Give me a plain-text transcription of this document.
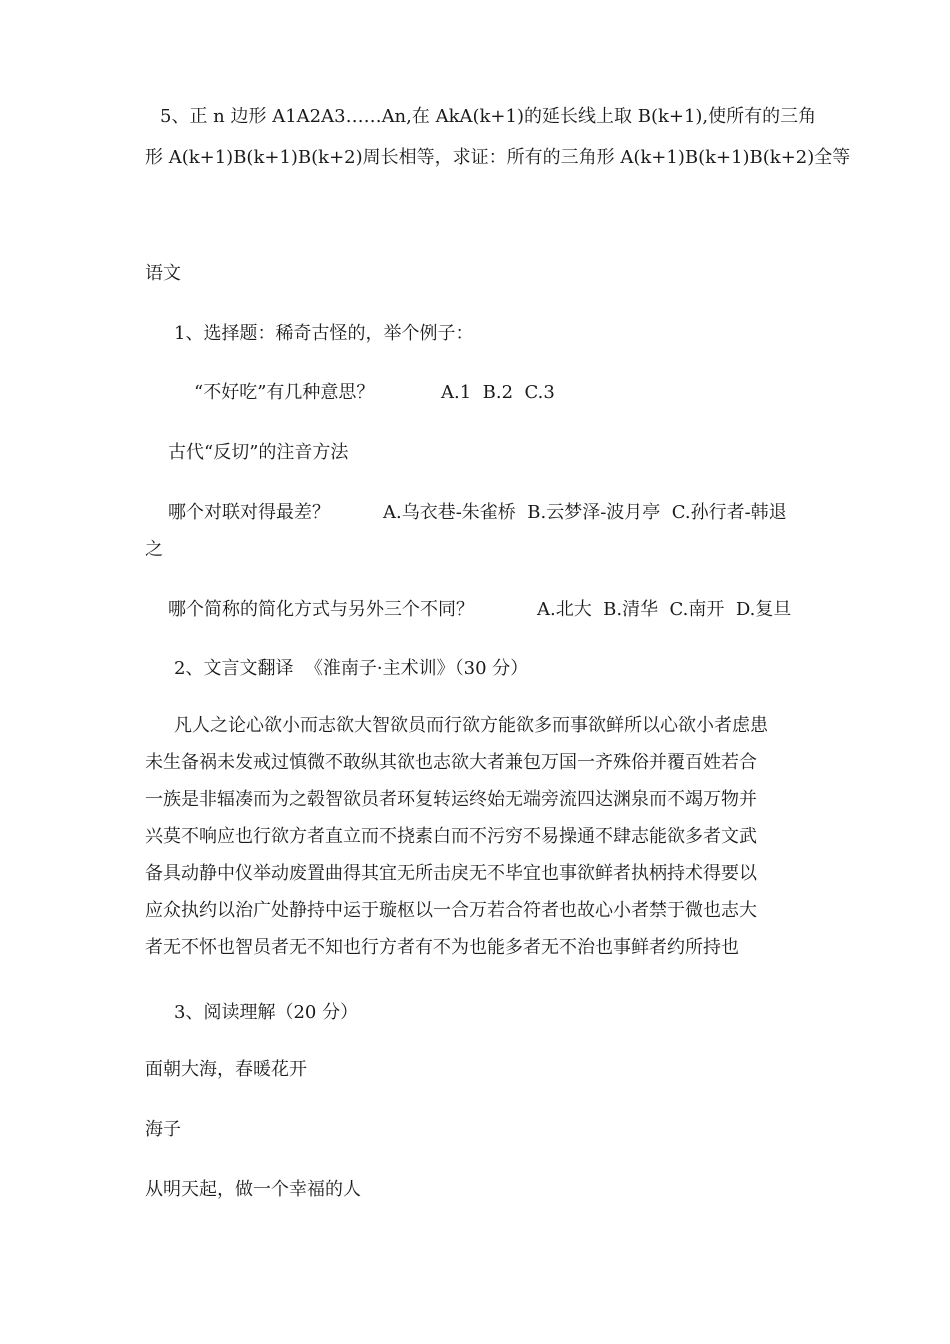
5、正 n 边形 A1A2A3……An,在 AkA(k+1)的延长线上取 B(k+1),使所有的三角
形 A(k+1)B(k+1)B(k+2)周长相等，求证：所有的三角形 A(k+1)B(k+1)B(k+2)全等
语文
1、选择题：稀奇古怪的，举个例子：
“不好吃”有几种意思？	A.1  B.2  C.3
古代“反切”的注音方法
哪个对联对得最差？	A.乌衣巷-朱雀桥  B.云梦泽-波月亭  C.孙行者-韩退
之
哪个简称的简化方式与另外三个不同？	A.北大  B.清华  C.南开  D.复旦
2、文言文翻译  《淮南子·主术训》（30 分）
凡人之论心欲小而志欲大智欲员而行欲方能欲多而事欲鲜所以心欲小者虑患
未生备祸未发戒过慎微不敢纵其欲也志欲大者兼包万国一齐殊俗并覆百姓若合
一族是非辐凑而为之毂智欲员者环复转运终始无端旁流四达渊泉而不竭万物并
兴莫不响应也行欲方者直立而不挠素白而不污穷不易操通不肆志能欲多者文武
备具动静中仪举动废置曲得其宜无所击戾无不毕宜也事欲鲜者执柄持术得要以
应众执约以治广处静持中运于璇枢以一合万若合符者也故心小者禁于微也志大
者无不怀也智员者无不知也行方者有不为也能多者无不治也事鲜者约所持也
3、阅读理解（20 分）
面朝大海，春暖花开
海子
从明天起，做一个幸福的人
